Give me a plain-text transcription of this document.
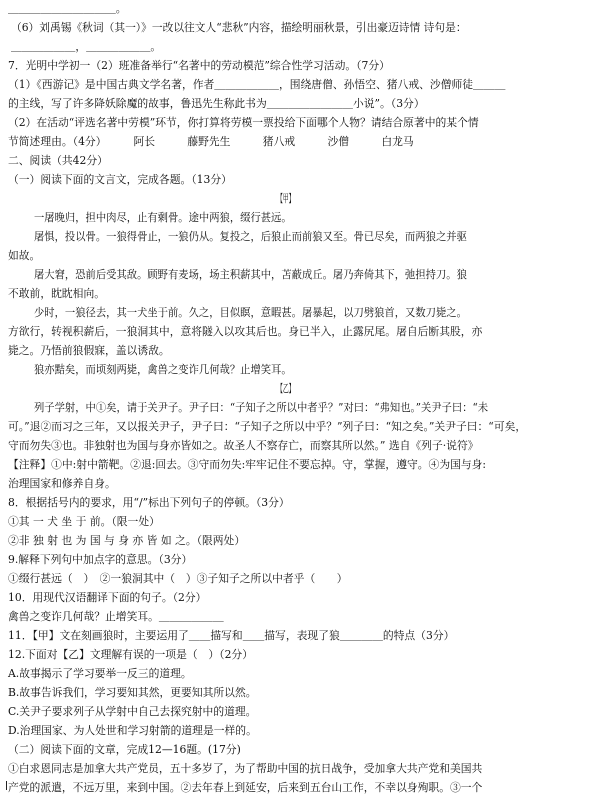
＿＿＿＿＿＿＿＿＿＿。
（6）刘禹锡《秋词（其一）》一改以往文人“悲秋”内容，描绘明丽秋景，引出豪迈诗情 诗句是：
＿＿＿＿＿＿，＿＿＿＿＿＿。
7．光明中学初一（2）班准备举行“名著中的劳动模范”综合性学习活动。（7分）
（1）《西游记》是中国古典文学名著，作者＿＿＿＿＿＿，围绕唐僧、孙悟空、猪八戒、沙僧师徒＿＿＿
的主线，写了许多降妖除魔的故事，鲁迅先生称此书为＿＿＿＿＿＿＿＿小说”。（3分）
（2）在活动“评选名著中劳模”环节，你打算将劳模一票投给下面哪个人物？请结合原著中的某个情
节简述理由。（4分）　　　阿长　　　藤野先生　　　猪八戒　　　沙僧　　　白龙马
二、阅读（共42分）
（一）阅读下面的文言文，完成各题。（13分）
【甲】
一屠晚归，担中肉尽，止有剩骨。途中两狼，缀行甚远。
屠惧，投以骨。一狼得骨止，一狼仍从。复投之，后狼止而前狼又至。骨已尽矣，而两狼之并驱
如故。
屠大窘，恐前后受其敌。顾野有麦场，场主积薪其中，苫蔽成丘。屠乃奔倚其下，弛担持刀。狼
不敢前，眈眈相向。
少时，一狼径去，其一犬坐于前。久之，目似瞑，意暇甚。屠暴起，以刀劈狼首，又数刀毙之。
方欲行，转视积薪后，一狼洞其中，意将隧入以攻其后也。身已半入，止露尻尾。屠自后断其股，亦
毙之。乃悟前狼假寐，盖以诱敌。
狼亦黠矣，而顷刻两毙，禽兽之变诈几何哉？止增笑耳。
【乙】
列子学射，中①矣，请于关尹子。尹子曰：“子知子之所以中者乎？”对曰：“弗知也。”关尹子曰：“未
可。”退②而习之三年，又以报关尹子，尹子曰：“子知子之所以中乎？”列子曰：“知之矣。”关尹子曰：“可矣，
守而勿失③也。非独射也为国与身亦皆如之。故圣人不察存亡，而察其所以然。” 选自《列子·说符》
【注释】①中:射中箭靶。②退:回去。③守而勿失:牢牢记住不要忘掉。守，掌握，遵守。④为国与身:
治理国家和修养自身。
8．根据括号内的要求，用“/”标出下列句子的停顿。（3分）
①其 一 犬 坐 于 前。（限一处）
②非 独 射 也 为 国 与 身 亦 皆 如 之。（限两处）
9.解释下列句中加点字的意思。（3分）
①缀行甚远（　）　②一狼洞其中（　）③子知子之所以中者乎（　　）
10．用现代汉语翻译下面的句子。（2分）
禽兽之变诈几何哉？止增笑耳。＿＿＿＿＿＿
11．【甲】文在刻画狼时，主要运用了＿＿描写和＿＿描写，表现了狼＿＿＿＿的特点（3分）
12.下面对【乙】文理解有误的一项是（　）（2分）
A.故事揭示了学习要举一反三的道理。
B.故事告诉我们，学习要知其然，更要知其所以然。
C.关尹子要求列子从学射中自己去探究射中的道理。
D.治理国家、为人处世和学习射箭的道理是一样的。
（二）阅读下面的文章，完成12—16题。(17分)
①白求恩同志是加拿大共产党员，五十多岁了，为了帮助中国的抗日战争，受加拿大共产党和美国共
产党的派遣，不远万里，来到中国。②去年春上到延安，后来到五台山工作，不幸以身殉职。③一个
